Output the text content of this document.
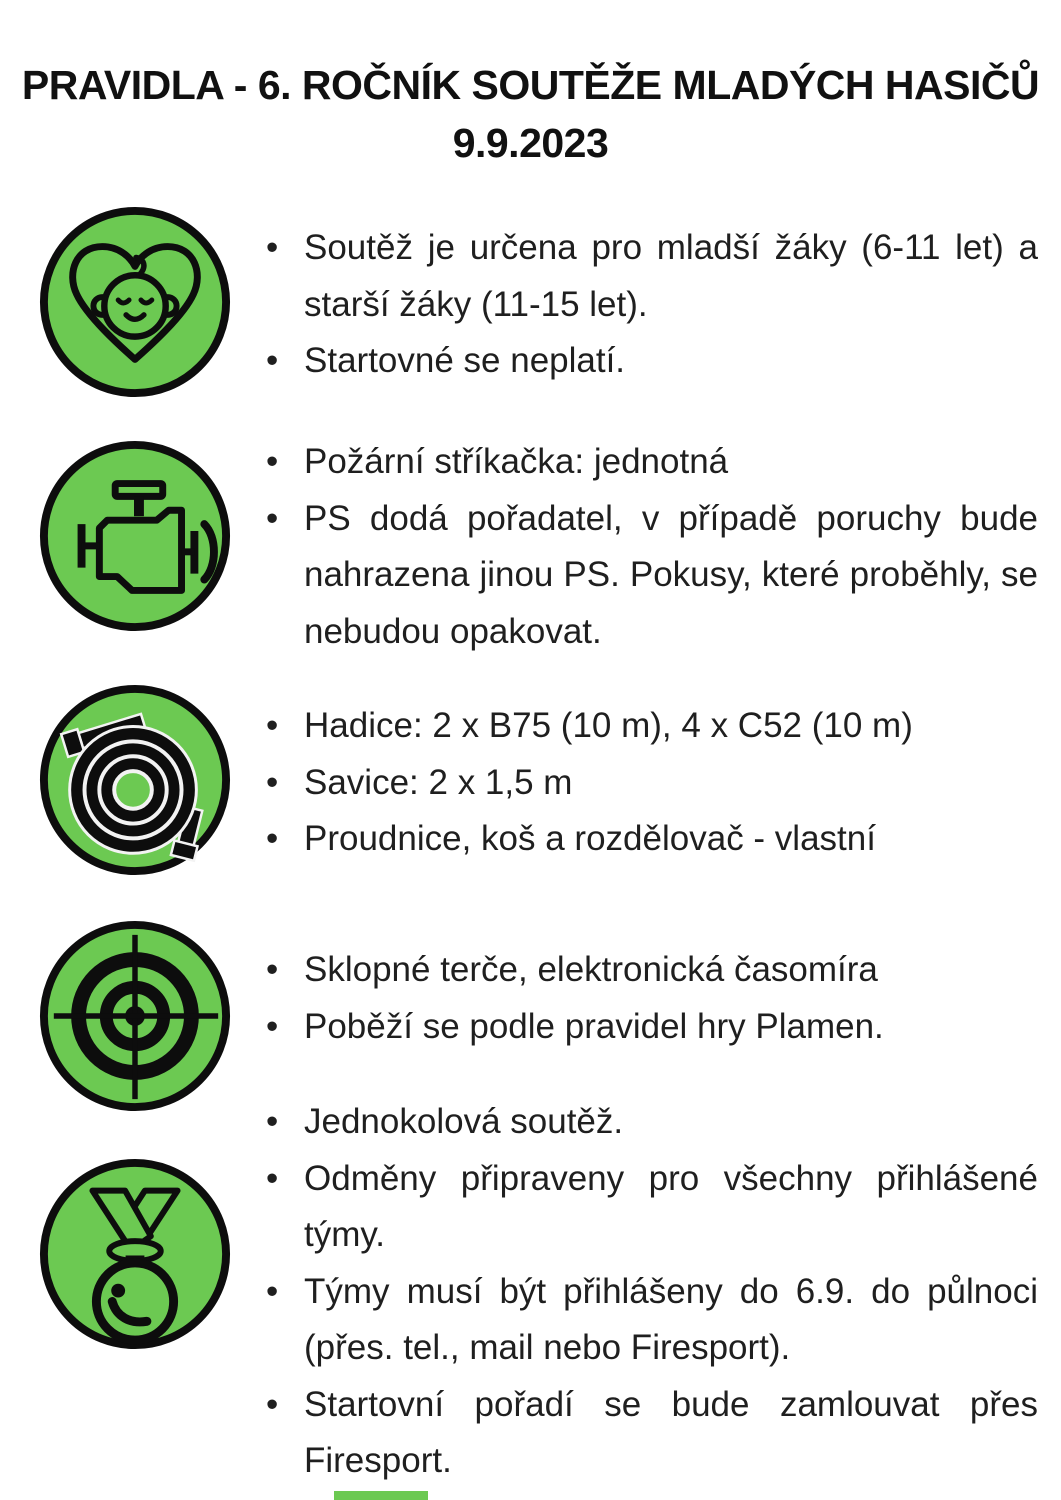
PRAVIDLA - 6. ROČNÍK SOUTĚŽE MLADÝCH HASIČŮ
9.9.2023
• Soutěž je určena pro mladší žáky (6-11 let) a starší žáky (11-15 let).
• Startovné se neplatí.
• Požární stříkačka: jednotná
• PS dodá pořadatel, v případě poruchy bude nahrazena jinou PS. Pokusy, které proběhly, se nebudou opakovat.
• Hadice: 2 x B75 (10 m), 4 x C52 (10 m)
• Savice: 2 x 1,5 m
• Proudnice, koš a rozdělovač - vlastní
• Sklopné terče, elektronická časomíra
• Poběží se podle pravidel hry Plamen.
• Jednokolová soutěž.
• Odměny připraveny pro všechny přihlášené týmy.
• Týmy musí být přihlášeny do 6.9. do půlnoci (přes. tel., mail nebo Firesport).
• Startovní pořadí se bude zamlouvat přes Firesport.
